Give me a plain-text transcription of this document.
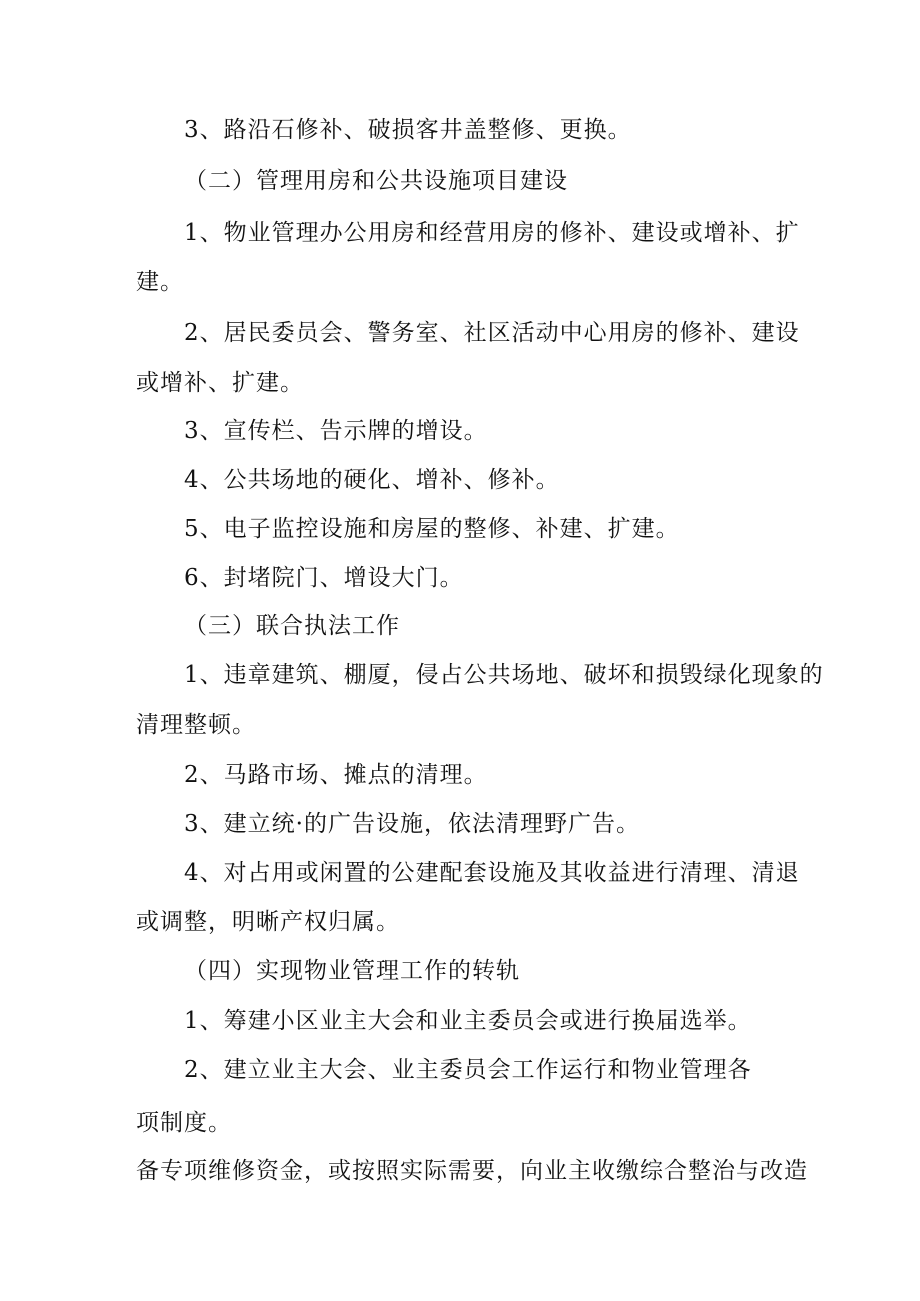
3、路沿石修补、破损客井盖整修、更换。
（二）管理用房和公共设施项目建设
1、物业管理办公用房和经营用房的修补、建设或增补、扩
建。
2、居民委员会、警务室、社区活动中心用房的修补、建设
或增补、扩建。
3、宣传栏、告示牌的增设。
4、公共场地的硬化、增补、修补。
5、电子监控设施和房屋的整修、补建、扩建。
6、封堵院门、增设大门。
（三）联合执法工作
1、违章建筑、棚厦，侵占公共场地、破坏和损毁绿化现象的
清理整顿。
2、马路市场、摊点的清理。
3、建立统·的广告设施，依法清理野广告。
4、对占用或闲置的公建配套设施及其收益进行清理、清退
或调整，明晰产权归属。
（四）实现物业管理工作的转轨
1、筹建小区业主大会和业主委员会或进行换届选举。
2、建立业主大会、业主委员会工作运行和物业管理各
项制度。
备专项维修资金，或按照实际需要，向业主收缴综合整治与改造
